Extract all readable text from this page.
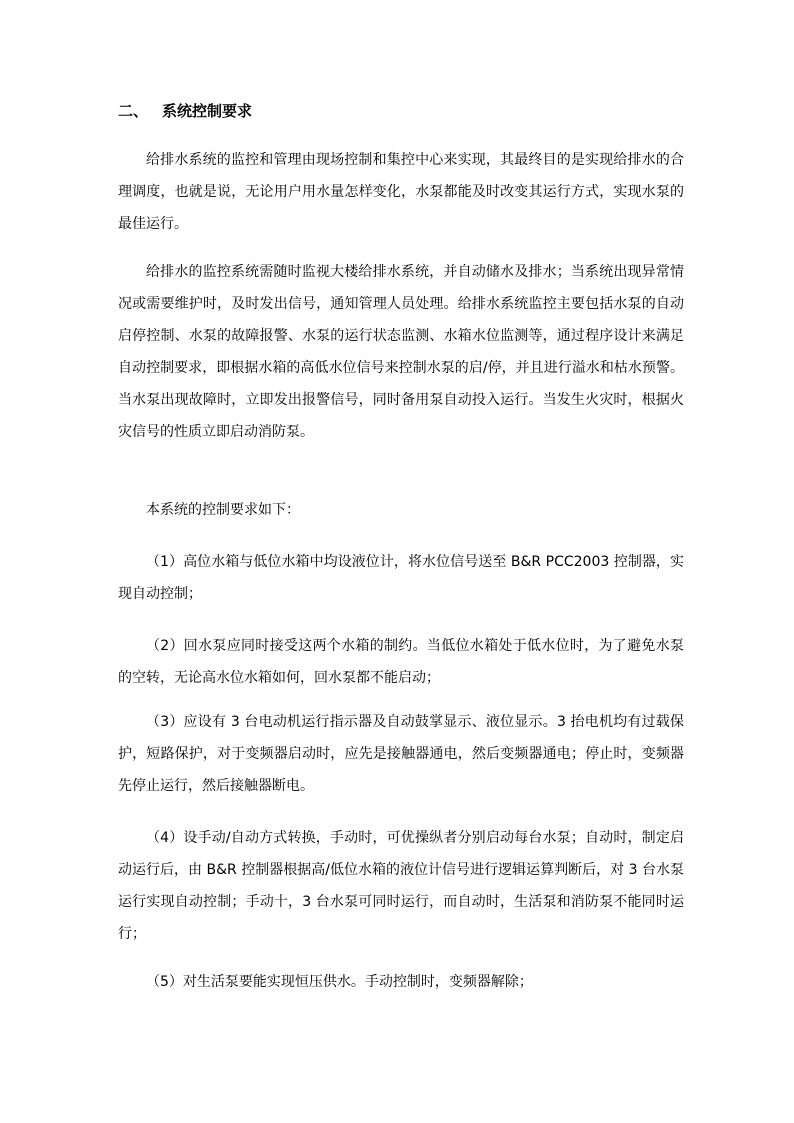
二、 系统控制要求

给排水系统的监控和管理由现场控制和集控中心来实现，其最终目的是实现给排水的合理调度，也就是说，无论用户用水量怎样变化，水泵都能及时改变其运行方式，实现水泵的最佳运行。

给排水的监控系统需随时监视大楼给排水系统，并自动储水及排水；当系统出现异常情况或需要维护时，及时发出信号，通知管理人员处理。给排水系统监控主要包括水泵的自动启停控制、水泵的故障报警、水泵的运行状态监测、水箱水位监测等，通过程序设计来满足自动控制要求，即根据水箱的高低水位信号来控制水泵的启/停，并且进行溢水和枯水预警。当水泵出现故障时，立即发出报警信号，同时备用泵自动投入运行。当发生火灾时，根据火灾信号的性质立即启动消防泵。

本系统的控制要求如下：

（1）高位水箱与低位水箱中均设液位计，将水位信号送至 B&R PCC2003 控制器，实现自动控制；

（2）回水泵应同时接受这两个水箱的制约。当低位水箱处于低水位时，为了避免水泵的空转，无论高水位水箱如何，回水泵都不能启动；

（3）应设有 3 台电动机运行指示器及自动鼓掌显示、液位显示。3 抬电机均有过载保护，短路保护，对于变频器启动时，应先是接触器通电，然后变频器通电；停止时，变频器先停止运行，然后接触器断电。

（4）设手动/自动方式转换，手动时，可优操纵者分别启动每台水泵；自动时，制定启动运行后，由 B&R 控制器根据高/低位水箱的液位计信号进行逻辑运算判断后，对 3 台水泵运行实现自动控制；手动十，3 台水泵可同时运行，而自动时，生活泵和消防泵不能同时运行；

（5）对生活泵要能实现恒压供水。手动控制时，变频器解除；
